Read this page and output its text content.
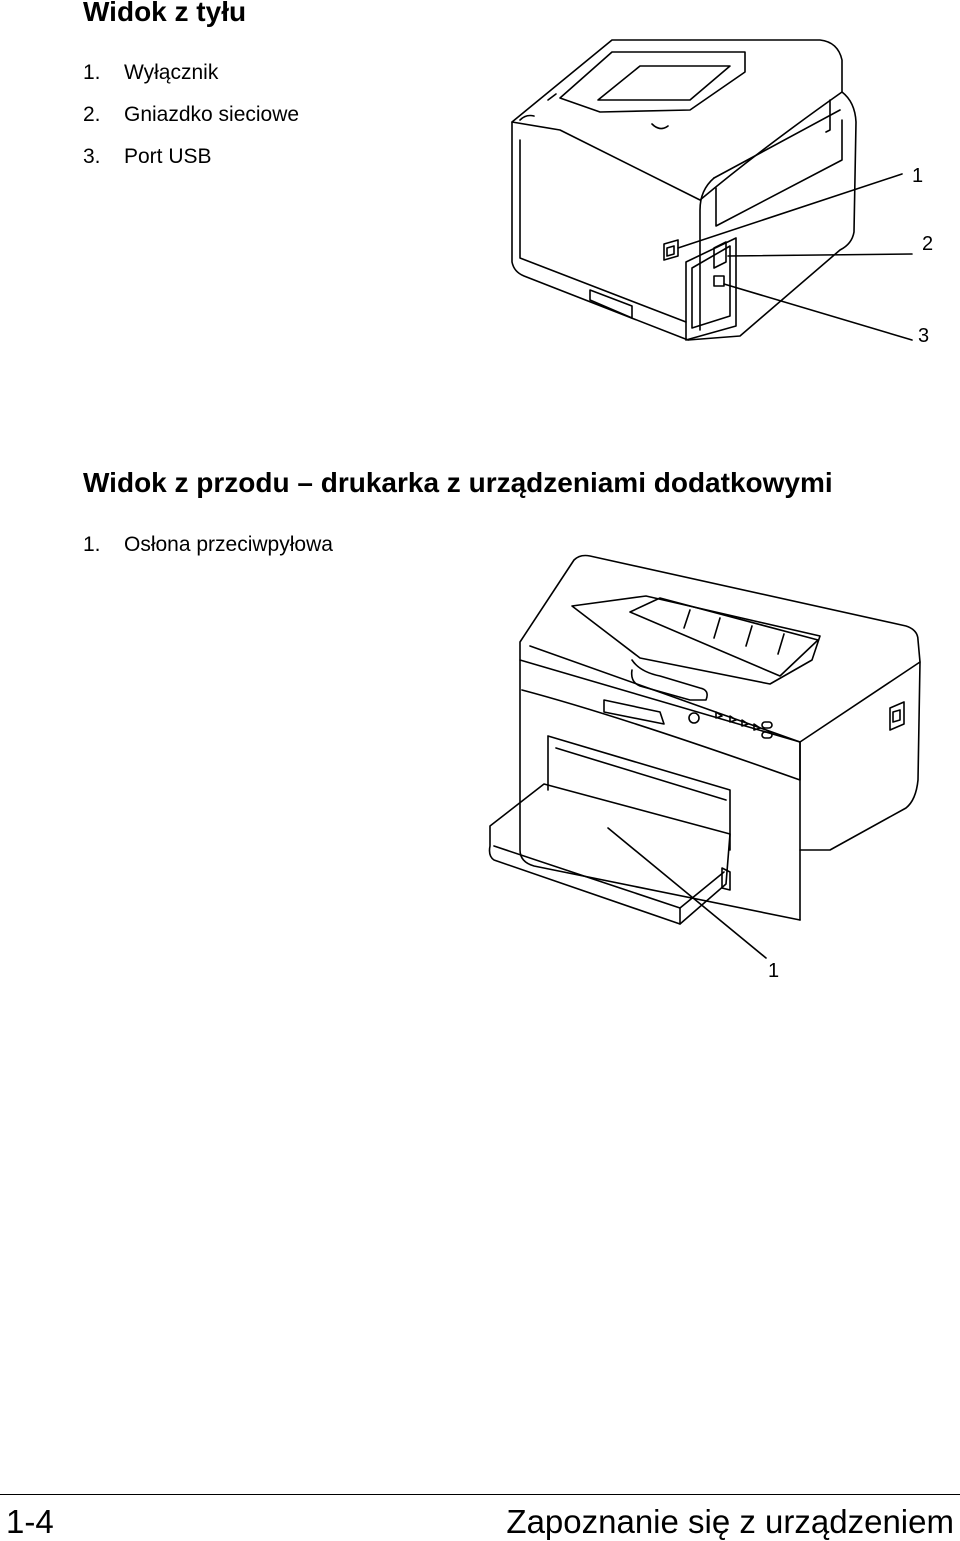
Widok z tyłu
1. Wyłącznik
2. Gniazdko sieciowe
3. Port USB
Widok z przodu – drukarka z urządzeniami dodatkowymi
1. Osłona przeciwpyłowa
1
2
3
1
1-4	Zapoznanie się z urządzeniem
